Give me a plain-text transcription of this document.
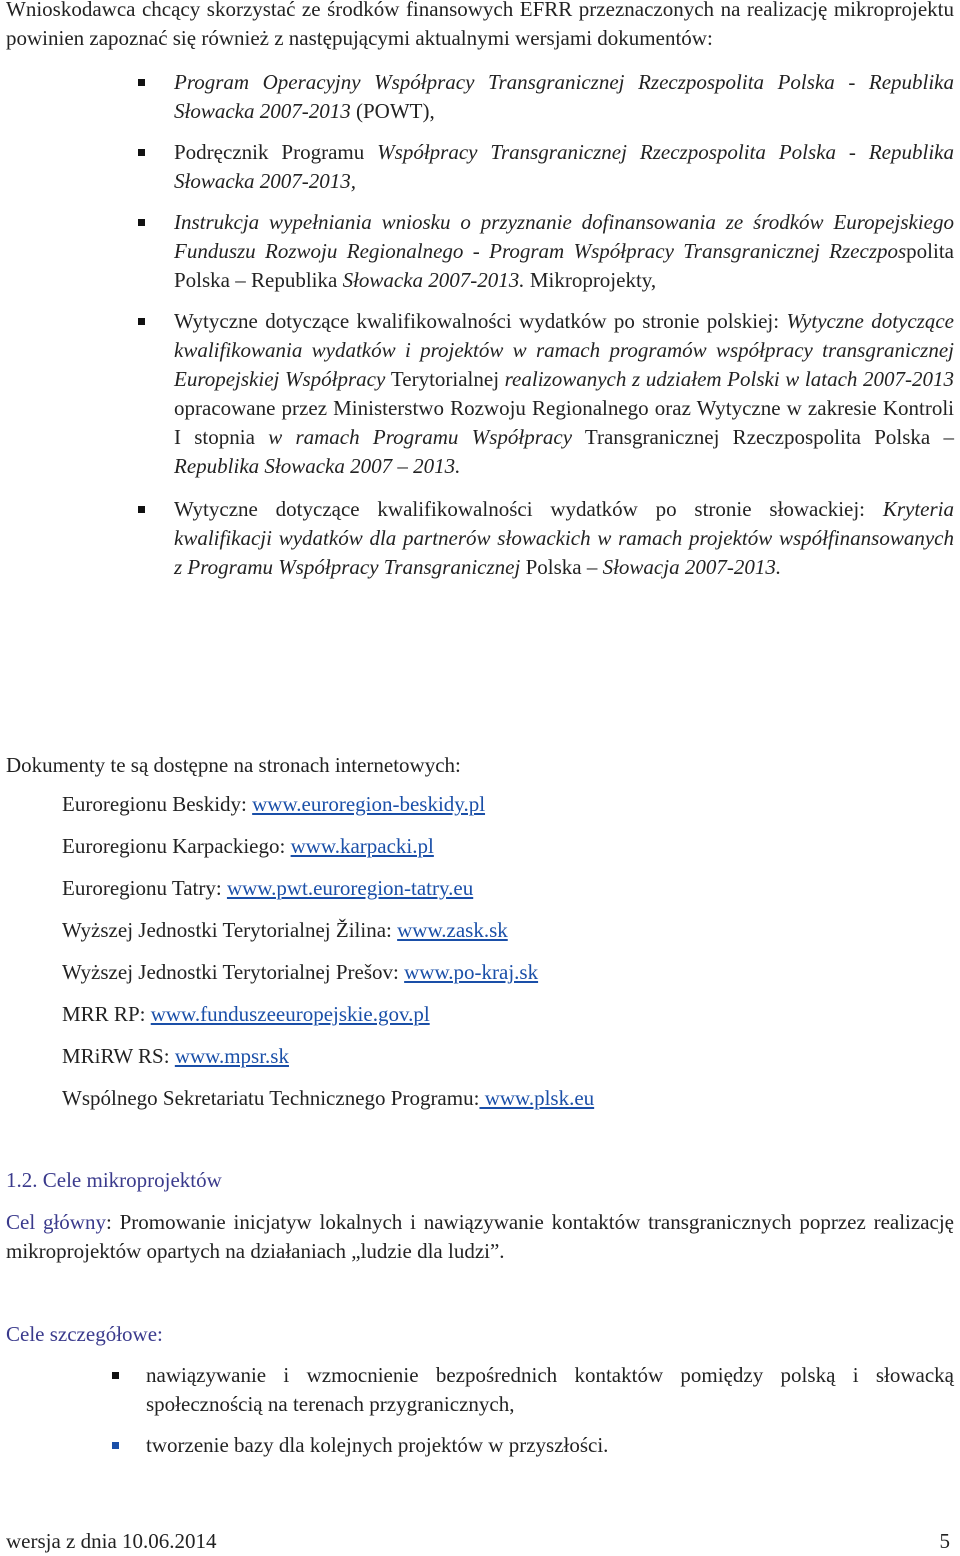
Wnioskodawca chcący skorzystać ze środków finansowych EFRR przeznaczonych na realizację mikroprojektu powinien zapoznać się również z następującymi aktualnymi wersjami dokumentów:

Program Operacyjny Współpracy Transgranicznej Rzeczpospolita Polska - Republika Słowacka 2007-2013 (POWT),
Podręcznik Programu Współpracy Transgranicznej Rzeczpospolita Polska - Republika Słowacka 2007-2013,
Instrukcja wypełniania wniosku o przyznanie dofinansowania ze środków Europejskiego Funduszu Rozwoju Regionalnego - Program Współpracy Transgranicznej Rzeczpospolita Polska – Republika Słowacka 2007-2013. Mikroprojekty,
Wytyczne dotyczące kwalifikowalności wydatków po stronie polskiej: Wytyczne dotyczące kwalifikowania wydatków i projektów w ramach programów współpracy transgranicznej Europejskiej Współpracy Terytorialnej realizowanych z udziałem Polski w latach 2007-2013 opracowane przez Ministerstwo Rozwoju Regionalnego oraz Wytyczne w zakresie Kontroli I stopnia w ramach Programu Współpracy Transgranicznej Rzeczpospolita Polska – Republika Słowacka 2007 – 2013.
Wytyczne dotyczące kwalifikowalności wydatków po stronie słowackiej: Kryteria kwalifikacji wydatków dla partnerów słowackich w ramach projektów współfinansowanych z Programu Współpracy Transgranicznej Polska – Słowacja 2007-2013.

Dokumenty te są dostępne na stronach internetowych:

Euroregionu Beskidy: www.euroregion-beskidy.pl
Euroregionu Karpackiego: www.karpacki.pl
Euroregionu Tatry: www.pwt.euroregion-tatry.eu
Wyższej Jednostki Terytorialnej Žilina: www.zask.sk
Wyższej Jednostki Terytorialnej Prešov: www.po-kraj.sk
MRR RP: www.funduszeeuropejskie.gov.pl
MRiRW RS: www.mpsr.sk
Wspólnego Sekretariatu Technicznego Programu: www.plsk.eu

1.2. Cele mikroprojektów

Cel główny: Promowanie inicjatyw lokalnych i nawiązywanie kontaktów transgranicznych poprzez realizację mikroprojektów opartych na działaniach „ludzie dla ludzi”.

Cele szczegółowe:

nawiązywanie i wzmocnienie bezpośrednich kontaktów pomiędzy polską i słowacką społecznością na terenach przygranicznych,
tworzenie bazy dla kolejnych projektów w przyszłości.
wersja z dnia 10.06.2014	5
